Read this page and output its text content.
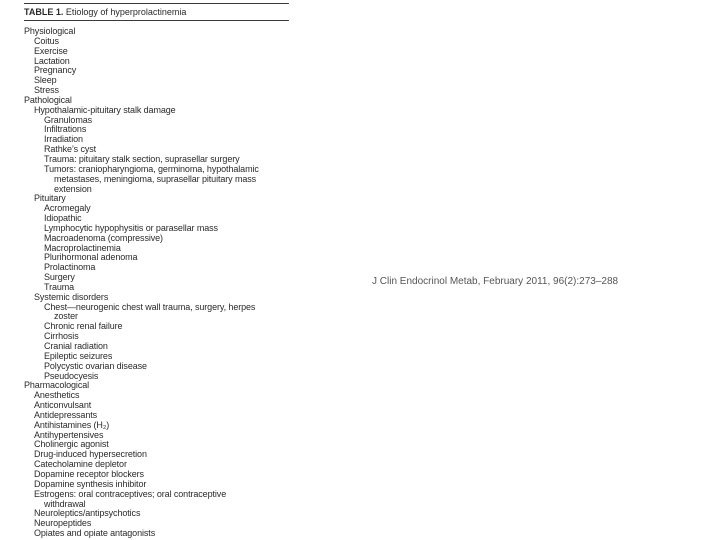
TABLE 1. Etiology of hyperprolactinemia
Physiological
Coitus
Exercise
Lactation
Pregnancy
Sleep
Stress
Pathological
Hypothalamic-pituitary stalk damage
Granulomas
Infiltrations
Irradiation
Rathke’s cyst
Trauma: pituitary stalk section, suprasellar surgery
Tumors: craniopharyngioma, germinoma, hypothalamic
metastases, meningioma, suprasellar pituitary mass
extension
Pituitary
Acromegaly
Idiopathic
Lymphocytic hypophysitis or parasellar mass
Macroadenoma (compressive)
Macroprolactinemia
Plurihormonal adenoma
Prolactinoma
Surgery
Trauma
Systemic disorders
Chest—neurogenic chest wall trauma, surgery, herpes
zoster
Chronic renal failure
Cirrhosis
Cranial radiation
Epileptic seizures
Polycystic ovarian disease
Pseudocyesis
Pharmacological
Anesthetics
Anticonvulsant
Antidepressants
Antihistamines (H₂)
Antihypertensives
Cholinergic agonist
Drug-induced hypersecretion
Catecholamine depletor
Dopamine receptor blockers
Dopamine synthesis inhibitor
Estrogens: oral contraceptives; oral contraceptive
withdrawal
Neuroleptics/antipsychotics
Neuropeptides
Opiates and opiate antagonists
J Clin Endocrinol Metab, February 2011, 96(2):273–288
